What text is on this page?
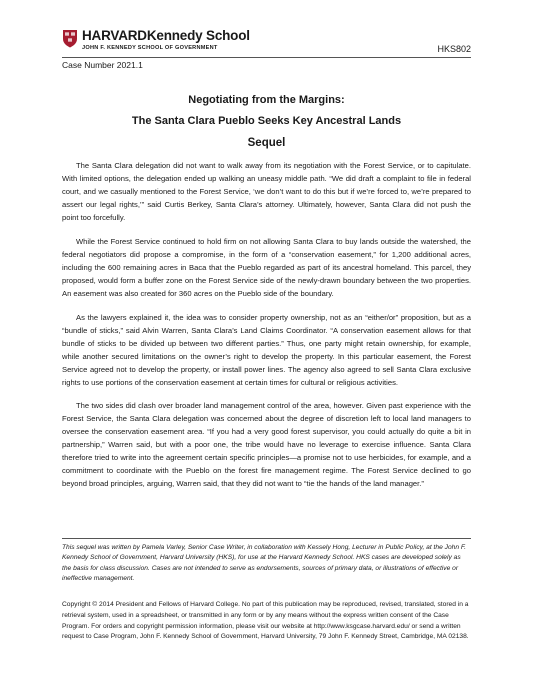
HARVARDKennedy School
JOHN F. KENNEDY SCHOOL OF GOVERNMENT	HKS802
Case Number 2021.1
Negotiating from the Margins:
The Santa Clara Pueblo Seeks Key Ancestral Lands
Sequel

The Santa Clara delegation did not want to walk away from its negotiation with the Forest Service, or to capitulate. With limited options, the delegation ended up walking an uneasy middle path. “We did draft a complaint to file in federal court, and we casually mentioned to the Forest Service, ‘we don’t want to do this but if we’re forced to, we’re prepared to assert our legal rights,’” said Curtis Berkey, Santa Clara’s attorney. Ultimately, however, Santa Clara did not push the point too forcefully.

While the Forest Service continued to hold firm on not allowing Santa Clara to buy lands outside the watershed, the federal negotiators did propose a compromise, in the form of a “conservation easement,” for 1,200 additional acres, including the 600 remaining acres in Baca that the Pueblo regarded as part of its ancestral homeland. This parcel, they proposed, would form a buffer zone on the Forest Service side of the newly-drawn boundary between the two properties. An easement was also created for 360 acres on the Pueblo side of the boundary.

As the lawyers explained it, the idea was to consider property ownership, not as an “either/or” proposition, but as a “bundle of sticks,” said Alvin Warren, Santa Clara’s Land Claims Coordinator. “A conservation easement allows for that bundle of sticks to be divided up between two different parties.” Thus, one party might retain ownership, for example, while another secured limitations on the owner’s right to develop the property. In this particular easement, the Forest Service agreed not to develop the property, or install power lines. The agency also agreed to sell Santa Clara exclusive rights to use portions of the conservation easement at certain times for cultural or religious activities.

The two sides did clash over broader land management control of the area, however. Given past experience with the Forest Service, the Santa Clara delegation was concerned about the degree of discretion left to local land managers to oversee the conservation easement area. “If you had a very good forest supervisor, you could actually do quite a bit in partnership,” Warren said, but with a poor one, the tribe would have no leverage to exercise influence. Santa Clara therefore tried to write into the agreement certain specific principles—a promise not to use herbicides, for example, and a commitment to coordinate with the Pueblo on the forest fire management regime. The Forest Service declined to go beyond broad principles, arguing, Warren said, that they did not want to “tie the hands of the land manager.”

This sequel was written by Pamela Varley, Senior Case Writer, in collaboration with Kessely Hong, Lecturer in Public Policy, at the John F. Kennedy School of Government, Harvard University (HKS), for use at the Harvard Kennedy School. HKS cases are developed solely as the basis for class discussion. Cases are not intended to serve as endorsements, sources of primary data, or illustrations of effective or ineffective management.

Copyright © 2014 President and Fellows of Harvard College. No part of this publication may be reproduced, revised, translated, stored in a retrieval system, used in a spreadsheet, or transmitted in any form or by any means without the express written consent of the Case Program. For orders and copyright permission information, please visit our website at http://www.ksgcase.harvard.edu/ or send a written request to Case Program, John F. Kennedy School of Government, Harvard University, 79 John F. Kennedy Street, Cambridge, MA 02138.
